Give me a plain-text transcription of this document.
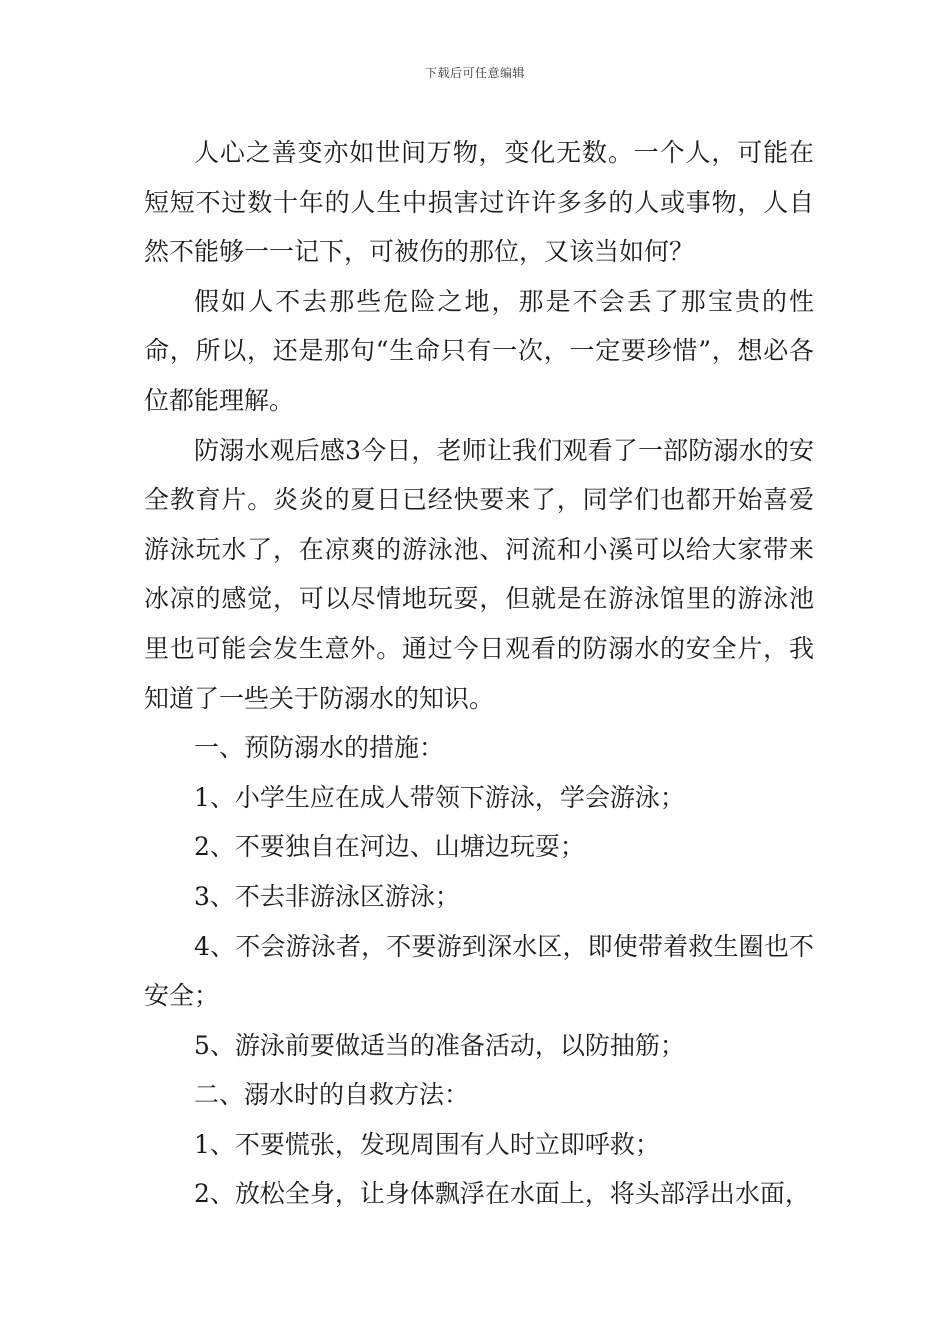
下载后可任意编辑

人心之善变亦如世间万物，变化无数。一个人，可能在短短不过数十年的人生中损害过许许多多的人或事物，人自然不能够一一记下，可被伤的那位，又该当如何？

假如人不去那些危险之地，那是不会丢了那宝贵的性命，所以，还是那句“生命只有一次，一定要珍惜”，想必各位都能理解。

防溺水观后感3今日，老师让我们观看了一部防溺水的安全教育片。炎炎的夏日已经快要来了，同学们也都开始喜爱游泳玩水了，在凉爽的游泳池、河流和小溪可以给大家带来冰凉的感觉，可以尽情地玩耍，但就是在游泳馆里的游泳池里也可能会发生意外。通过今日观看的防溺水的安全片，我知道了一些关于防溺水的知识。

一、预防溺水的措施：

1、小学生应在成人带领下游泳，学会游泳；

2、不要独自在河边、山塘边玩耍；

3、不去非游泳区游泳；

4、不会游泳者，不要游到深水区，即使带着救生圈也不安全；

5、游泳前要做适当的准备活动，以防抽筋；

二、溺水时的自救方法：

1、不要慌张，发现周围有人时立即呼救；

2、放松全身，让身体飘浮在水面上，将头部浮出水面，
